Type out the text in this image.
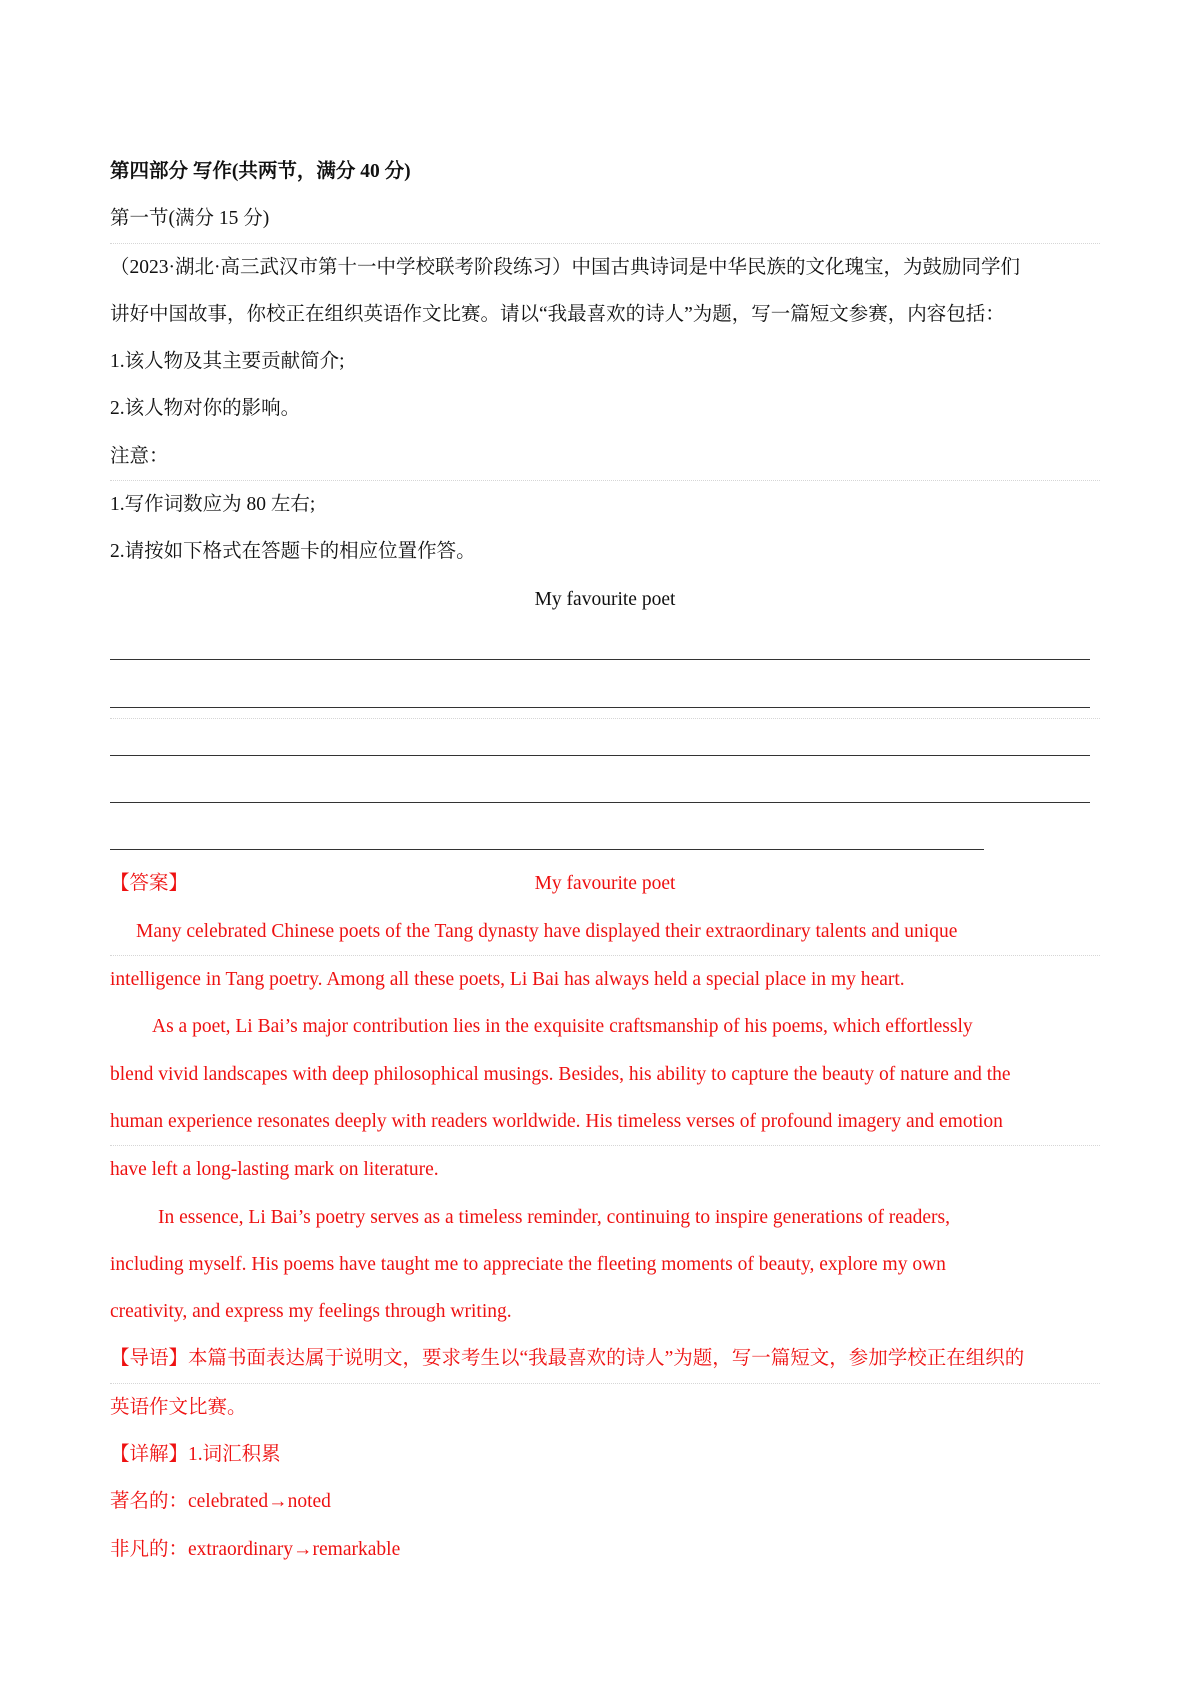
第四部分 写作(共两节，满分 40 分)
第一节(满分 15 分)
（2023·湖北·高三武汉市第十一中学校联考阶段练习）中国古典诗词是中华民族的文化瑰宝，为鼓励同学们
讲好中国故事，你校正在组织英语作文比赛。请以“我最喜欢的诗人”为题，写一篇短文参赛，内容包括：
1.该人物及其主要贡献简介;
2.该人物对你的影响。
注意：
1.写作词数应为 80 左右;
2.请按如下格式在答题卡的相应位置作答。
My favourite poet
【答案】	My favourite poet
Many celebrated Chinese poets of the Tang dynasty have displayed their extraordinary talents and unique
intelligence in Tang poetry. Among all these poets, Li Bai has always held a special place in my heart.
As a poet, Li Bai’s major contribution lies in the exquisite craftsmanship of his poems, which effortlessly
blend vivid landscapes with deep philosophical musings. Besides, his ability to capture the beauty of nature and the
human experience resonates deeply with readers worldwide. His timeless verses of profound imagery and emotion
have left a long-lasting mark on literature.
In essence, Li Bai’s poetry serves as a timeless reminder, continuing to inspire generations of readers,
including myself. His poems have taught me to appreciate the fleeting moments of beauty, explore my own
creativity, and express my feelings through writing.
【导语】本篇书面表达属于说明文，要求考生以“我最喜欢的诗人”为题，写一篇短文，参加学校正在组织的
英语作文比赛。
【详解】1.词汇积累
著名的：celebrated→noted
非凡的：extraordinary→remarkable
